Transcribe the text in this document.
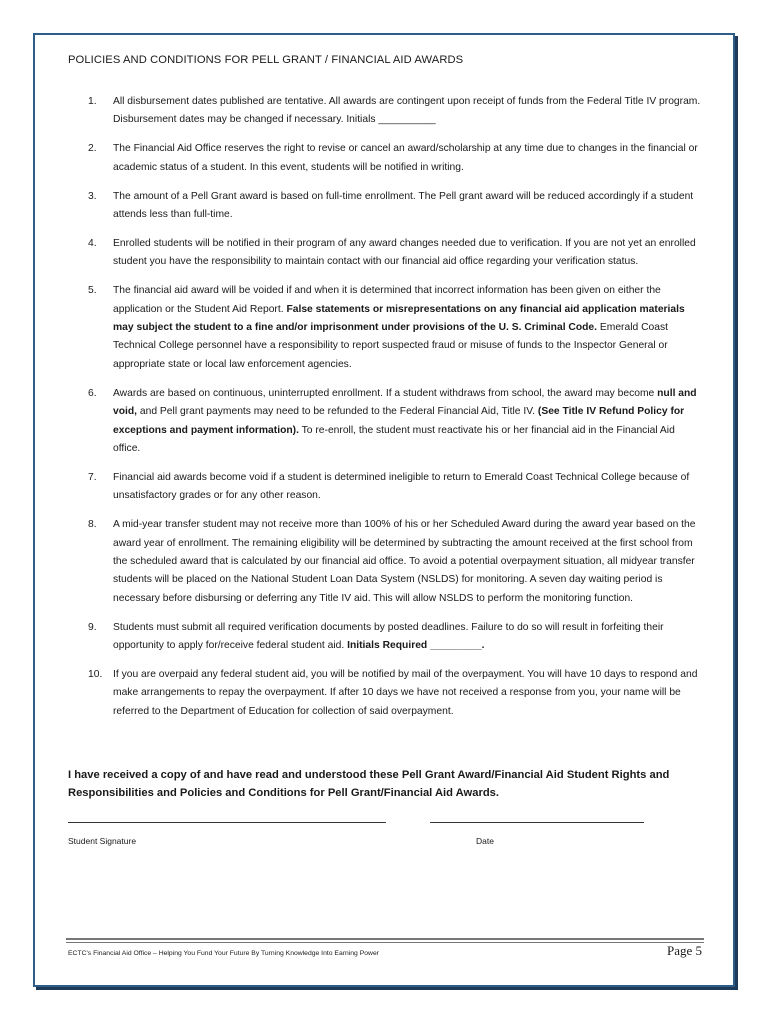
POLICIES AND CONDITIONS FOR PELL GRANT / FINANCIAL AID AWARDS
1.	All disbursement dates published are tentative. All awards are contingent upon receipt of funds from the Federal Title IV program. Disbursement dates may be changed if necessary. Initials __________
2.	The Financial Aid Office reserves the right to revise or cancel an award/scholarship at any time due to changes in the financial or academic status of a student. In this event, students will be notified in writing.
3.	The amount of a Pell Grant award is based on full-time enrollment. The Pell grant award will be reduced accordingly if a student attends less than full-time.
4.	Enrolled students will be notified in their program of any award changes needed due to verification. If you are not yet an enrolled student you have the responsibility to maintain contact with our financial aid office regarding your verification status.
5.	The financial aid award will be voided if and when it is determined that incorrect information has been given on either the application or the Student Aid Report. False statements or misrepresentations on any financial aid application materials may subject the student to a fine and/or imprisonment under provisions of the U. S. Criminal Code. Emerald Coast Technical College personnel have a responsibility to report suspected fraud or misuse of funds to the Inspector General or appropriate state or local law enforcement agencies.
6.	Awards are based on continuous, uninterrupted enrollment. If a student withdraws from school, the award may become null and void, and Pell grant payments may need to be refunded to the Federal Financial Aid, Title IV. (See Title IV Refund Policy for exceptions and payment information). To re-enroll, the student must reactivate his or her financial aid in the Financial Aid office.
7.	Financial aid awards become void if a student is determined ineligible to return to Emerald Coast Technical College because of unsatisfactory grades or for any other reason.
8.	A mid-year transfer student may not receive more than 100% of his or her Scheduled Award during the award year based on the award year of enrollment. The remaining eligibility will be determined by subtracting the amount received at the first school from the scheduled award that is calculated by our financial aid office. To avoid a potential overpayment situation, all midyear transfer students will be placed on the National Student Loan Data System (NSLDS) for monitoring. A seven day waiting period is necessary before disbursing or deferring any Title IV aid. This will allow NSLDS to perform the monitoring function.
9.	Students must submit all required verification documents by posted deadlines. Failure to do so will result in forfeiting their opportunity to apply for/receive federal student aid. Initials Required _________.
10.	If you are overpaid any federal student aid, you will be notified by mail of the overpayment. You will have 10 days to respond and make arrangements to repay the overpayment. If after 10 days we have not received a response from you, your name will be referred to the Department of Education for collection of said overpayment.
I have received a copy of and have read and understood these Pell Grant Award/Financial Aid Student Rights and Responsibilities and Policies and Conditions for Pell Grant/Financial Aid Awards.
Student Signature	Date
ECTC's Financial Aid Office – Helping You Fund Your Future By Turning Knowledge Into Earning Power	Page 5
